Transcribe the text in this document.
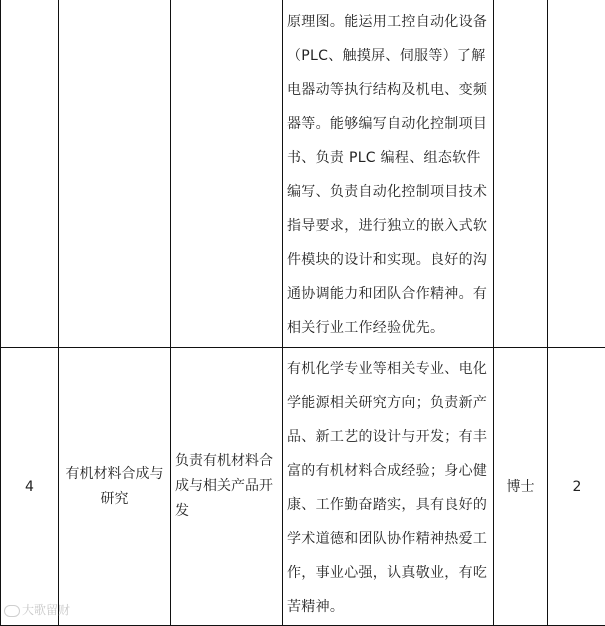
			原理图。能运用工控自动化设备（PLC、触摸屏、伺服等）了解电器动等执行结构及机电、变频器等。能够编写自动化控制项目书、负责 PLC 编程、组态软件编写、负责自动化控制项目技术指导要求，进行独立的嵌入式软件模块的设计和实现。良好的沟通协调能力和团队合作精神。有相关行业工作经验优先。		

4	有机材料合成与研究	负责有机材料合成与相关产品开发	有机化学专业等相关专业、电化学能源相关研究方向；负责新产品、新工艺的设计与开发；有丰富的有机材料合成经验；身心健康、工作勤奋踏实，具有良好的学术道德和团队协作精神热爱工作，事业心强，认真敬业，有吃苦精神。	博士	2
大歌留财
